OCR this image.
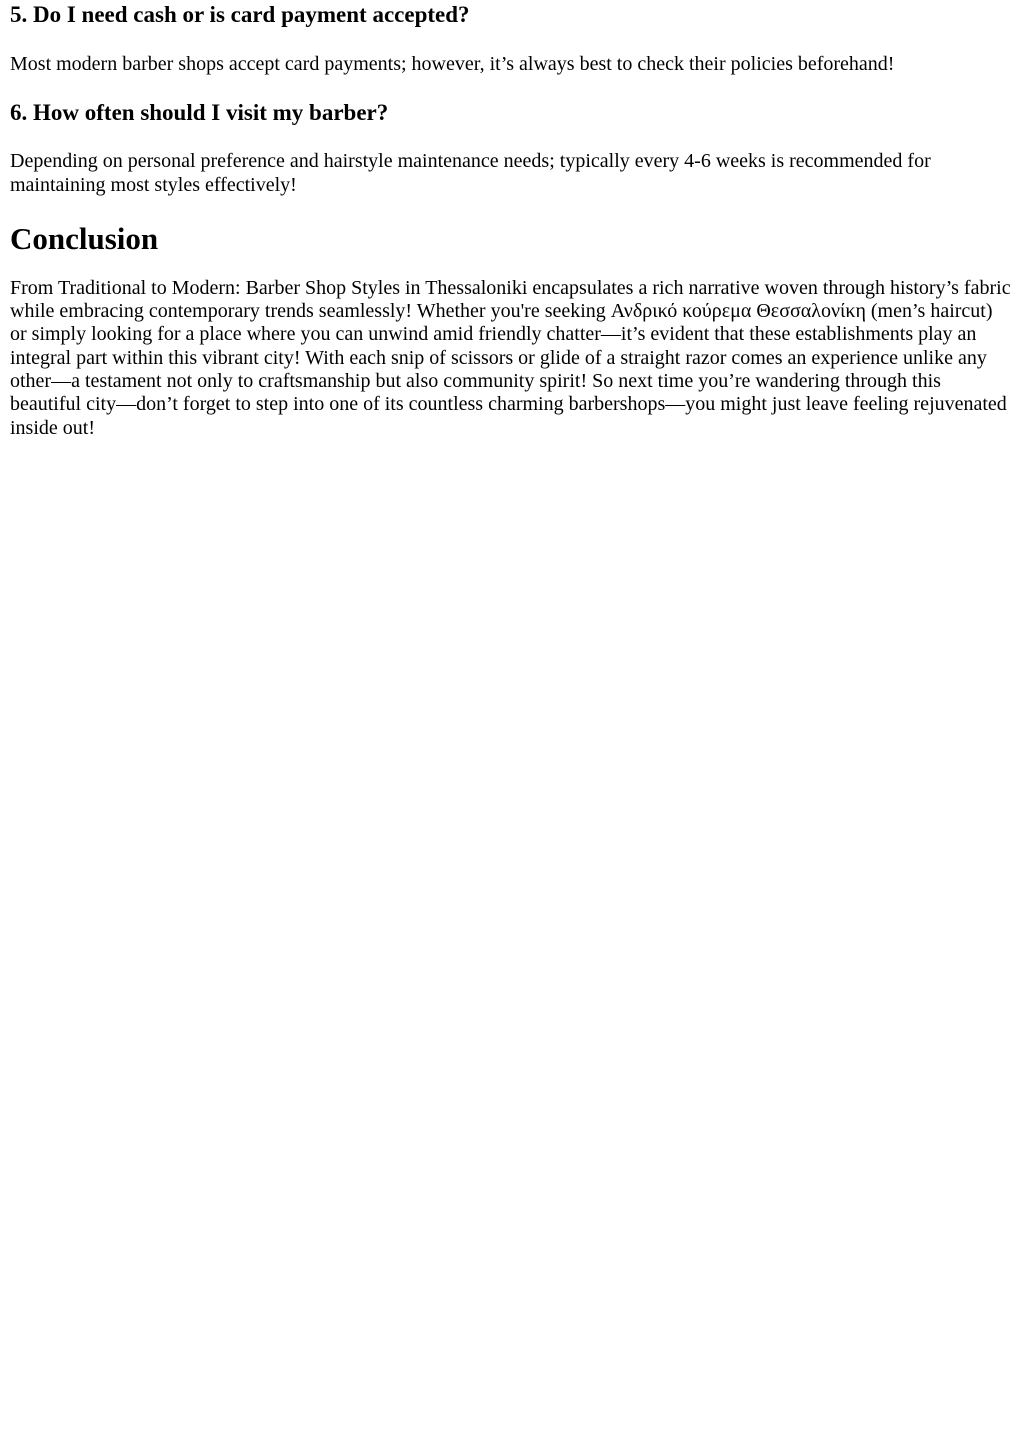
5. Do I need cash or is card payment accepted?

Most modern barber shops accept card payments; however, it’s always best to check their policies beforehand!

6. How often should I visit my barber?

Depending on personal preference and hairstyle maintenance needs; typically every 4-6 weeks is recommended for maintaining most styles effectively!

Conclusion

From Traditional to Modern: Barber Shop Styles in Thessaloniki encapsulates a rich narrative woven through history’s fabric while embracing contemporary trends seamlessly! Whether you're seeking Ανδρικό κούρεμα Θεσσαλονίκη (men’s haircut) or simply looking for a place where you can unwind amid friendly chatter—it’s evident that these establishments play an integral part within this vibrant city! With each snip of scissors or glide of a straight razor comes an experience unlike any other—a testament not only to craftsmanship but also community spirit! So next time you’re wandering through this beautiful city—don’t forget to step into one of its countless charming barbershops—you might just leave feeling rejuvenated inside out!
